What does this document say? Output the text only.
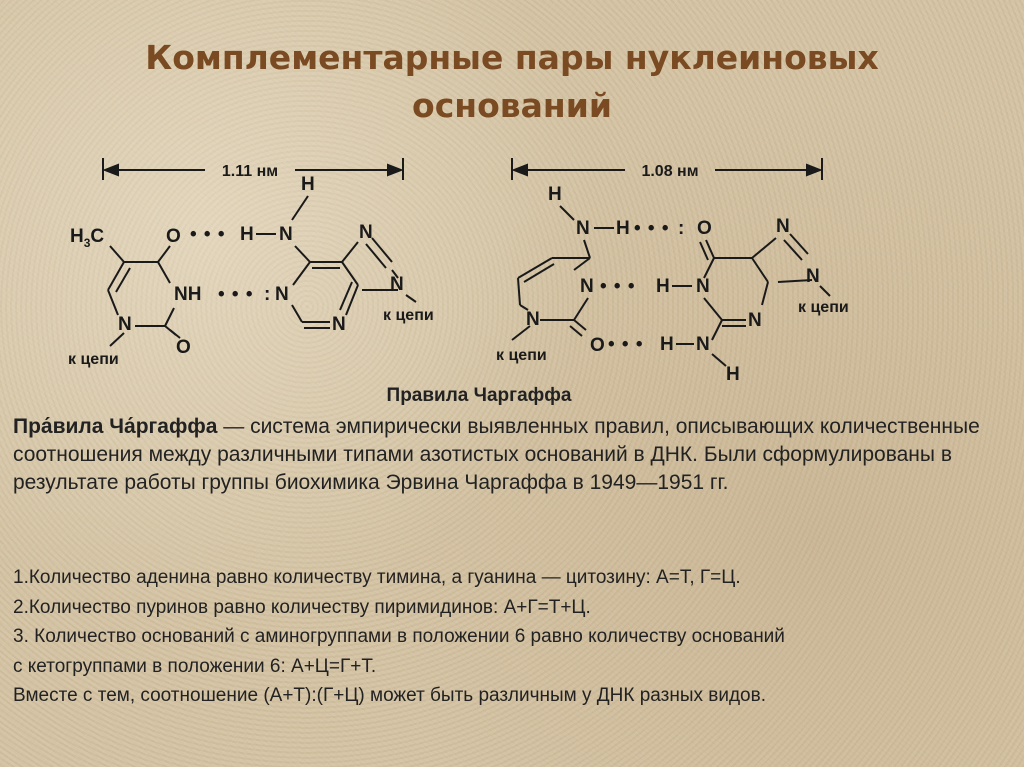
Комплементарные пары нуклеиновых
оснований
1.11 нм
$H_3C$	O
NH
N
O
к цепи
• • • H
• • • :
H
N	N
N
N
N к цепи
1.08 нм
H
N H • • • :
N
N
O
к цепи
• • • H
• • • H
O	N
N
к цепи
N
N
N
H
Правила Чаргаффа
Пра́вила Ча́ргаффа — система эмпирически выявленных правил, описывающих количественные соотношения между различными типами азотистых оснований в ДНК. Были сформулированы в результате работы группы биохимика Эрвина Чаргаффа в 1949—1951 гг.
1.Количество аденина равно количеству тимина, а гуанина — цитозину: А=Т, Г=Ц.
2.Количество пуринов равно количеству пиримидинов: А+Г=Т+Ц.
3. Количество оснований с аминогруппами в положении 6 равно количеству оснований
с кетогруппами в положении 6: А+Ц=Г+Т.
Вместе с тем, соотношение (А+Т):(Г+Ц) может быть различным у ДНК разных видов.
